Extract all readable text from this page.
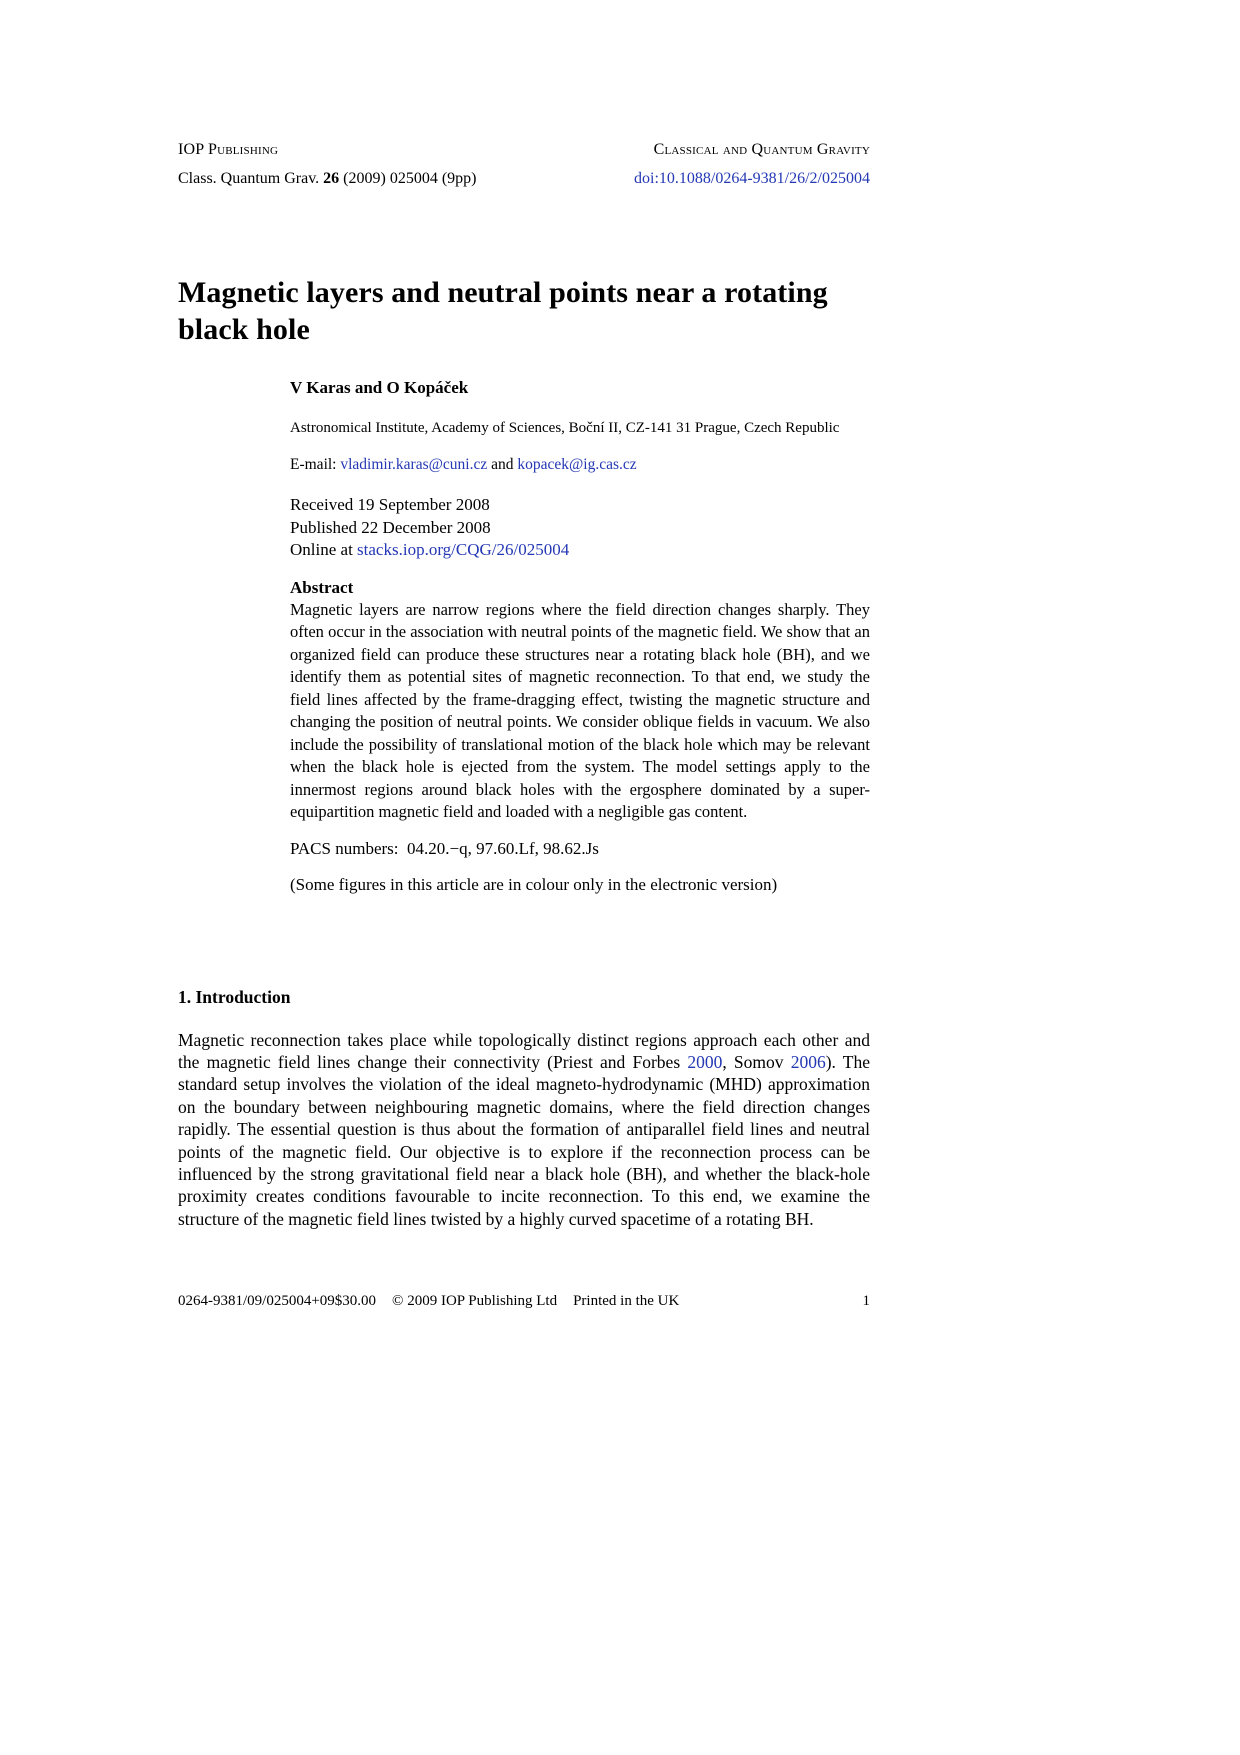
IOP Publishing	Classical and Quantum Gravity
Class. Quantum Grav. 26 (2009) 025004 (9pp)	doi:10.1088/0264-9381/26/2/025004
Magnetic layers and neutral points near a rotating black hole

V Karas and O Kopáček

Astronomical Institute, Academy of Sciences, Boční II, CZ-141 31 Prague, Czech Republic

E-mail: vladimir.karas@cuni.cz and kopacek@ig.cas.cz

Received 19 September 2008

Published 22 December 2008

Online at stacks.iop.org/CQG/26/025004

Abstract

Magnetic layers are narrow regions where the field direction changes sharply. They often occur in the association with neutral points of the magnetic field. We show that an organized field can produce these structures near a rotating black hole (BH), and we identify them as potential sites of magnetic reconnection. To that end, we study the field lines affected by the frame-dragging effect, twisting the magnetic structure and changing the position of neutral points. We consider oblique fields in vacuum. We also include the possibility of translational motion of the black hole which may be relevant when the black hole is ejected from the system. The model settings apply to the innermost regions around black holes with the ergosphere dominated by a super-equipartition magnetic field and loaded with a negligible gas content.

PACS numbers:  04.20.−q, 97.60.Lf, 98.62.Js

(Some figures in this article are in colour only in the electronic version)

1. Introduction

Magnetic reconnection takes place while topologically distinct regions approach each other and the magnetic field lines change their connectivity (Priest and Forbes 2000, Somov 2006). The standard setup involves the violation of the ideal magneto-hydrodynamic (MHD) approximation on the boundary between neighbouring magnetic domains, where the field direction changes rapidly. The essential question is thus about the formation of antiparallel field lines and neutral points of the magnetic field. Our objective is to explore if the reconnection process can be influenced by the strong gravitational field near a black hole (BH), and whether the black-hole proximity creates conditions favourable to incite reconnection. To this end, we examine the structure of the magnetic field lines twisted by a highly curved spacetime of a rotating BH.

0264-9381/09/025004+09$30.00 © 2009 IOP Publishing Ltd Printed in the UK	1
